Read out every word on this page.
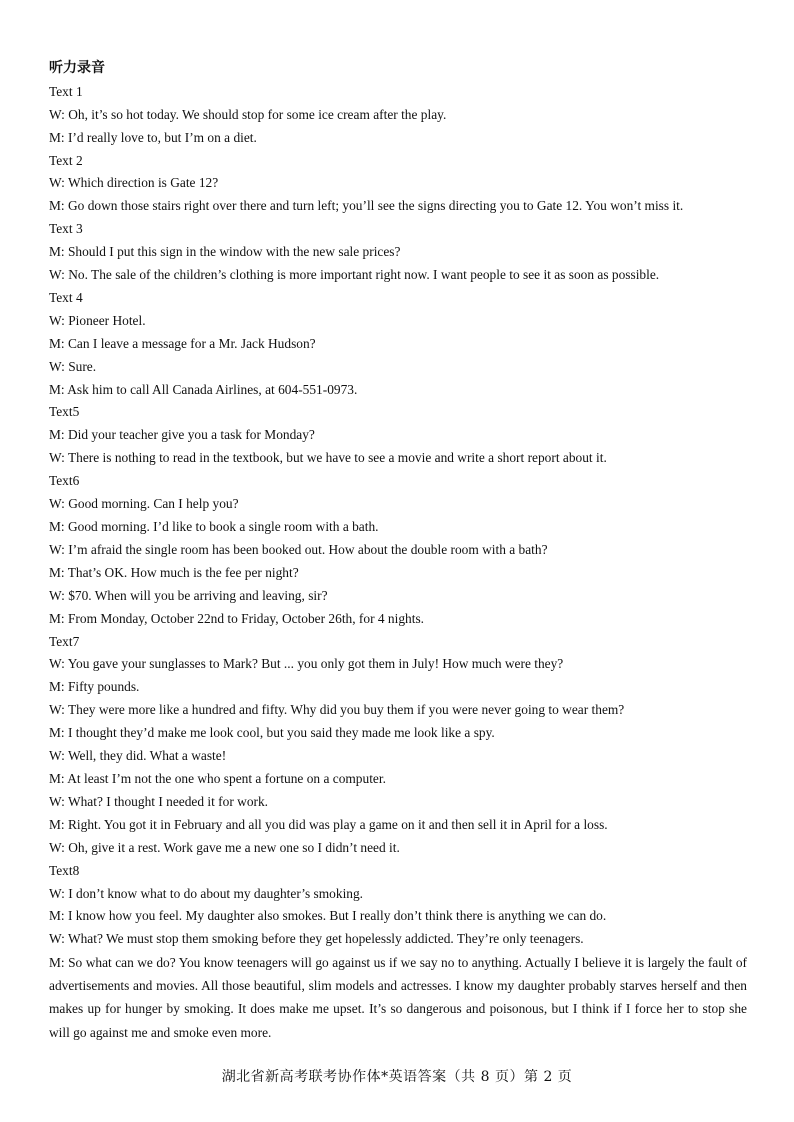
听力录音

Text 1

W: Oh, it’s so hot today. We should stop for some ice cream after the play.

M: I’d really love to, but I’m on a diet.

Text 2

W: Which direction is Gate 12?

M: Go down those stairs right over there and turn left; you’ll see the signs directing you to Gate 12. You won’t miss it.

Text 3

M: Should I put this sign in the window with the new sale prices?

W: No. The sale of the children’s clothing is more important right now. I want people to see it as soon as possible.

Text 4

W: Pioneer Hotel.

M: Can I leave a message for a Mr. Jack Hudson?

W: Sure.

M: Ask him to call All Canada Airlines, at 604-551-0973.

Text5

M: Did your teacher give you a task for Monday?

W: There is nothing to read in the textbook, but we have to see a movie and write a short report about it.

Text6

W: Good morning. Can I help you?

M: Good morning. I’d like to book a single room with a bath.

W: I’m afraid the single room has been booked out. How about the double room with a bath?

M: That’s OK. How much is the fee per night?

W: $70. When will you be arriving and leaving, sir?

M: From Monday, October 22nd to Friday, October 26th, for 4 nights.

Text7

W: You gave your sunglasses to Mark? But ... you only got them in July! How much were they?

M: Fifty pounds.

W: They were more like a hundred and fifty. Why did you buy them if you were never going to wear them?

M: I thought they’d make me look cool, but you said they made me look like a spy.

W: Well, they did. What a waste!

M: At least I’m not the one who spent a fortune on a computer.

W: What? I thought I needed it for work.

M: Right. You got it in February and all you did was play a game on it and then sell it in April for a loss.

W: Oh, give it a rest. Work gave me a new one so I didn’t need it.

Text8

W: I don’t know what to do about my daughter’s smoking.

M: I know how you feel. My daughter also smokes. But I really don’t think there is anything we can do.

W: What? We must stop them smoking before they get hopelessly addicted. They’re only teenagers.

M: So what can we do? You know teenagers will go against us if we say no to anything. Actually I believe it is largely the fault of advertisements and movies. All those beautiful, slim models and actresses. I know my daughter probably starves herself and then makes up for hunger by smoking. It does make me upset. It’s so dangerous and poisonous, but I think if I force her to stop she will go against me and smoke even more.

湖北省新高考联考协作体*英语答案（共 8 页）第 2 页
